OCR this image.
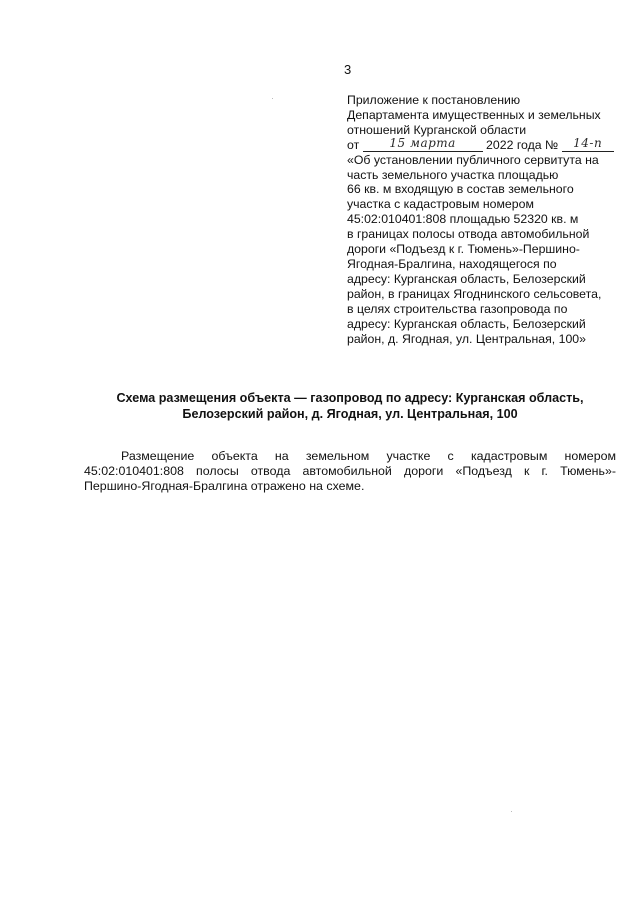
3
Приложение к постановлению
Департамента имущественных и земельных
отношений Курганской области
от	15 марта 2022 года № 14-п
«Об установлении публичного сервитута на
часть земельного участка площадью
66 кв. м входящую в состав земельного
участка с кадастровым номером
45:02:010401:808 площадью 52320 кв. м
в границах полосы отвода автомобильной
дороги «Подъезд к г. Тюмень»-Першино-
Ягодная-Бралгина, находящегося по
адресу: Курганская область, Белозерский
район, в границах Ягоднинского сельсовета,
в целях строительства газопровода по
адресу: Курганская область, Белозерский
район, д. Ягодная, ул. Центральная, 100»
Схема размещения объекта — газопровод по адресу: Курганская область,
Белозерский район, д. Ягодная, ул. Центральная, 100
Размещение объекта на земельном участке с кадастровым номером
45:02:010401:808 полосы отвода автомобильной дороги «Подъезд к г. Тюмень»-
Першино-Ягодная-Бралгина отражено на схеме.
